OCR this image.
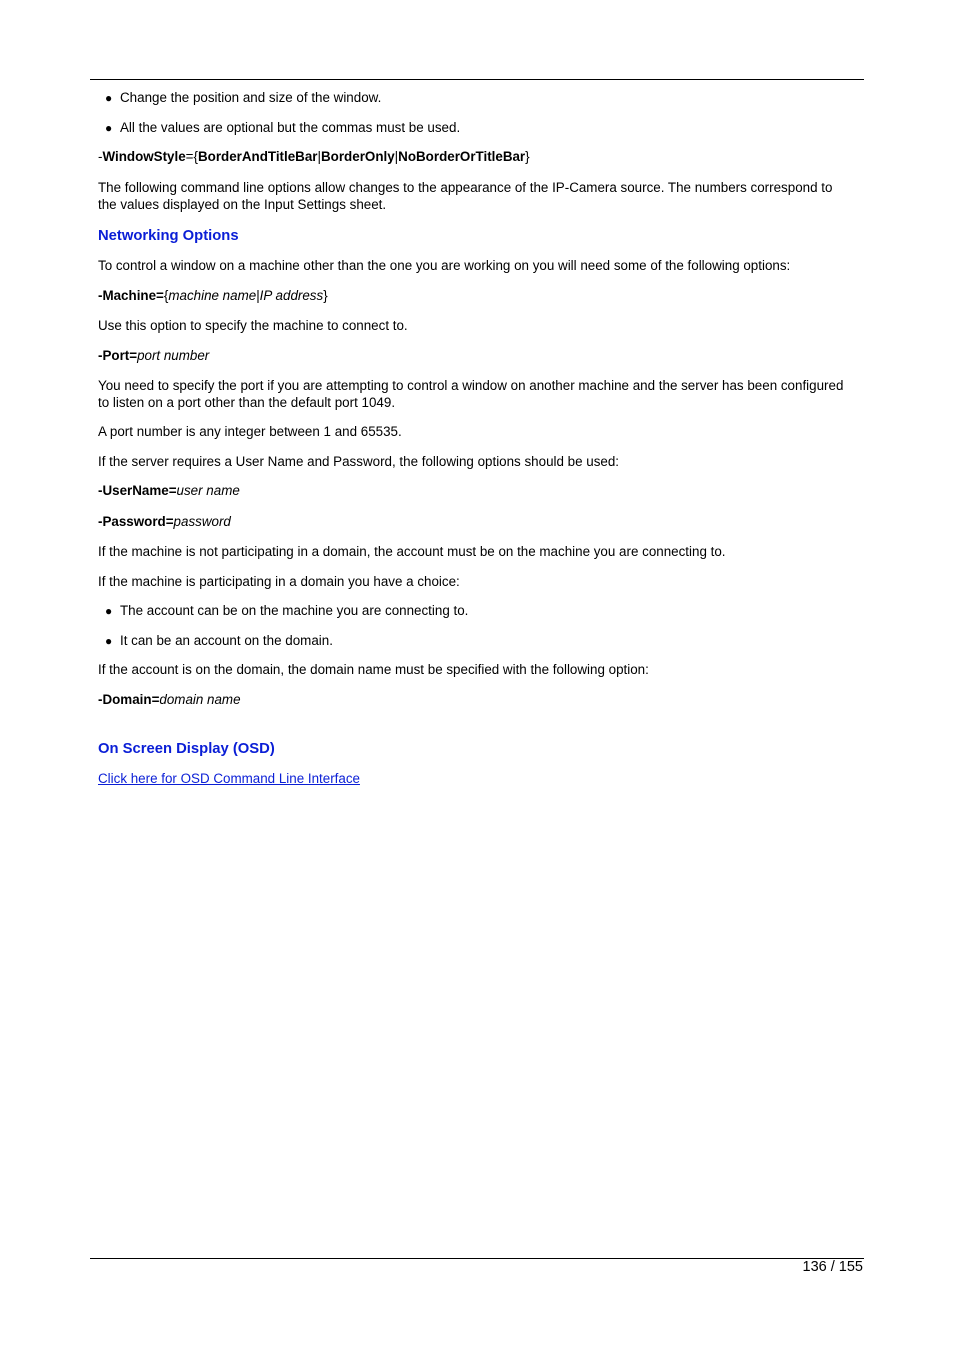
● Change the position and size of the window.
● All the values are optional but the commas must be used.
-WindowStyle={BorderAndTitleBar|BorderOnly|NoBorderOrTitleBar}
The following command line options allow changes to the appearance of the IP-Camera source. The numbers correspond to the values displayed on the Input Settings sheet.
Networking Options
To control a window on a machine other than the one you are working on you will need some of the following options:
-Machine={machine name|IP address}
Use this option to specify the machine to connect to.
-Port=port number
You need to specify the port if you are attempting to control a window on another machine and the server has been configured to listen on a port other than the default port 1049.
A port number is any integer between 1 and 65535.
If the server requires a User Name and Password, the following options should be used:
-UserName=user name
-Password=password
If the machine is not participating in a domain, the account must be on the machine you are connecting to.
If the machine is participating in a domain you have a choice:
● The account can be on the machine you are connecting to.
● It can be an account on the domain.
If the account is on the domain, the domain name must be specified with the following option:
-Domain=domain name
On Screen Display (OSD)
Click here for OSD Command Line Interface
136 / 155
